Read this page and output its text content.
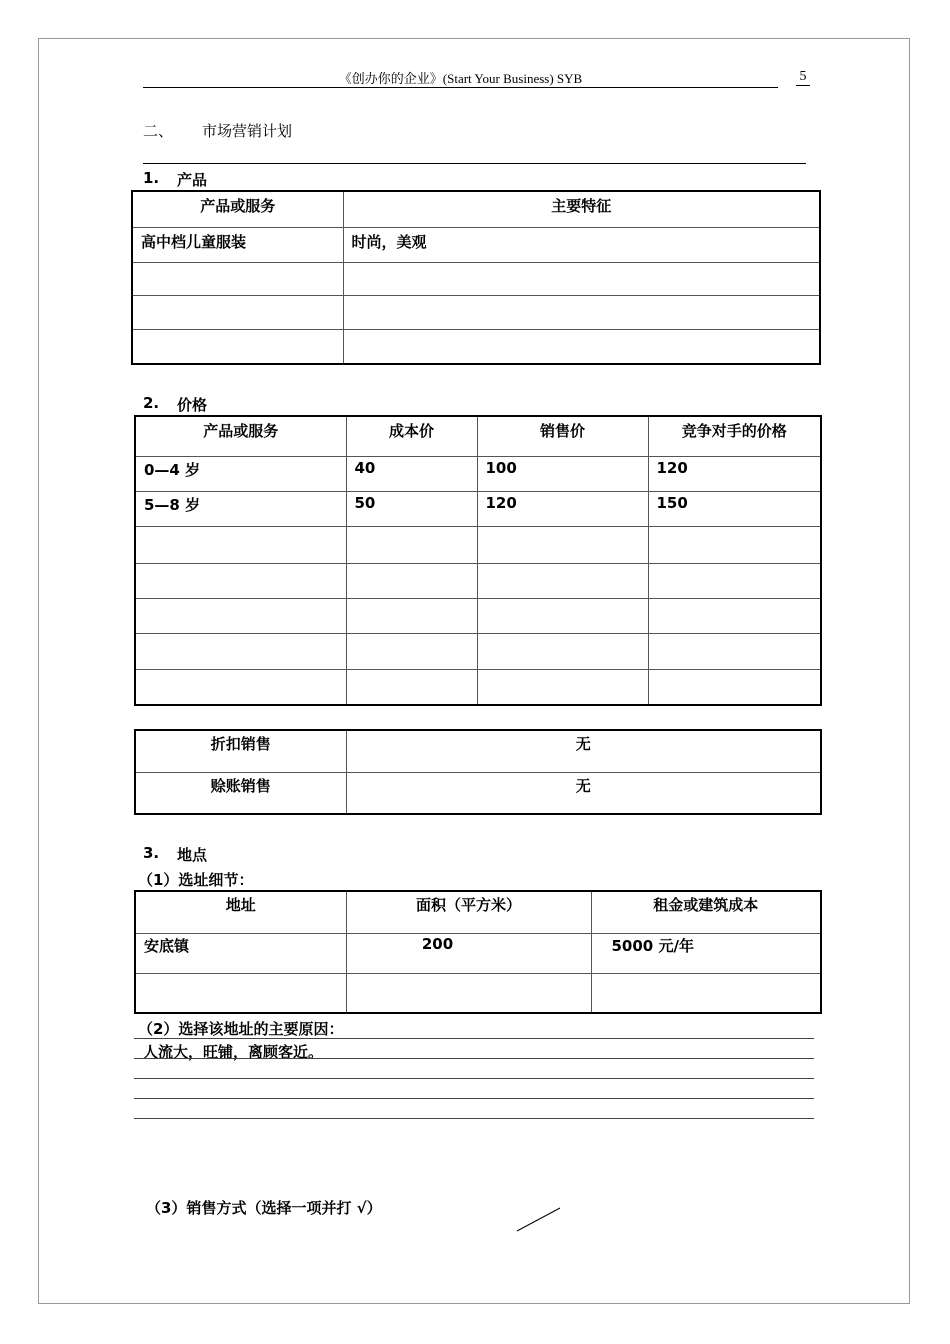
《创办你的企业》(Start Your Business) SYB	5
二、 市场营销计划
1. 产品
产品或服务	主要特征
高中档儿童服装	时尚，美观

2. 价格
产品或服务	成本价	销售价	竞争对手的价格
0—4 岁	40	100	120
5—8 岁	50	120	150

折扣销售	无
赊账销售	无
3. 地点
（1）选址细节：
地址	面积（平方米）	租金或建筑成本
安底镇	200	5000 元/年

（2）选择该地址的主要原因：
人流大，旺铺，离顾客近。
（3）销售方式（选择一项并打 √）
